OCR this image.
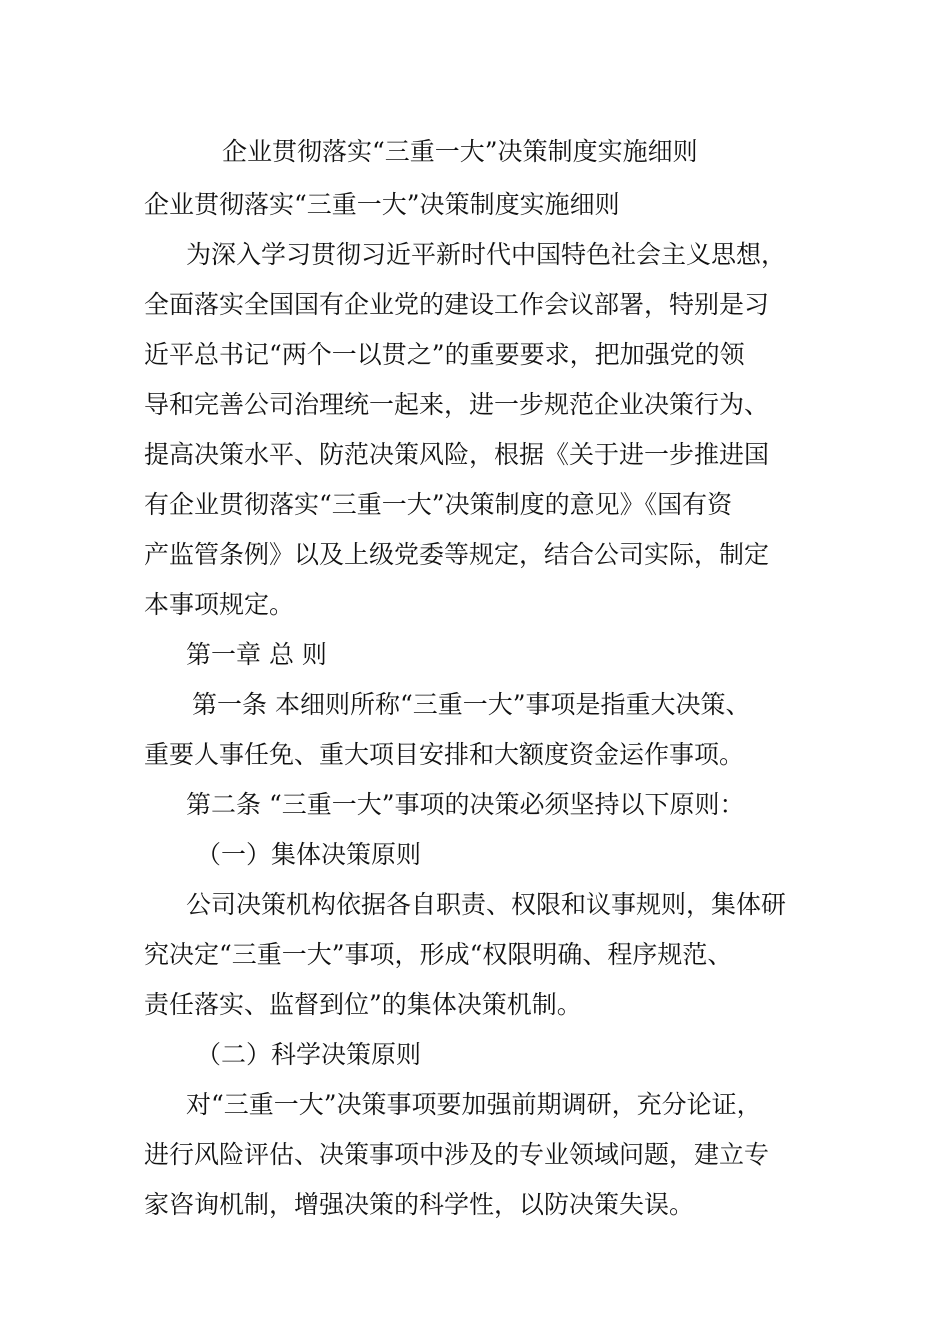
企业贯彻落实“三重一大”决策制度实施细则
企业贯彻落实“三重一大”决策制度实施细则
为深入学习贯彻习近平新时代中国特色社会主义思想，
全面落实全国国有企业党的建设工作会议部署，特别是习
近平总书记“两个一以贯之”的重要要求，把加强党的领
导和完善公司治理统一起来，进一步规范企业决策行为、
提高决策水平、防范决策风险，根据《关于进一步推进国
有企业贯彻落实“三重一大”决策制度的意见》《国有资
产监管条例》以及上级党委等规定，结合公司实际，制定
本事项规定。
第一章 总 则
第一条 本细则所称“三重一大”事项是指重大决策、
重要人事任免、重大项目安排和大额度资金运作事项。
第二条 “三重一大”事项的决策必须坚持以下原则：
（一）集体决策原则
公司决策机构依据各自职责、权限和议事规则，集体研
究决定“三重一大”事项，形成“权限明确、程序规范、
责任落实、监督到位”的集体决策机制。
（二）科学决策原则
对“三重一大”决策事项要加强前期调研，充分论证，
进行风险评估、决策事项中涉及的专业领域问题，建立专
家咨询机制，增强决策的科学性，以防决策失误。
